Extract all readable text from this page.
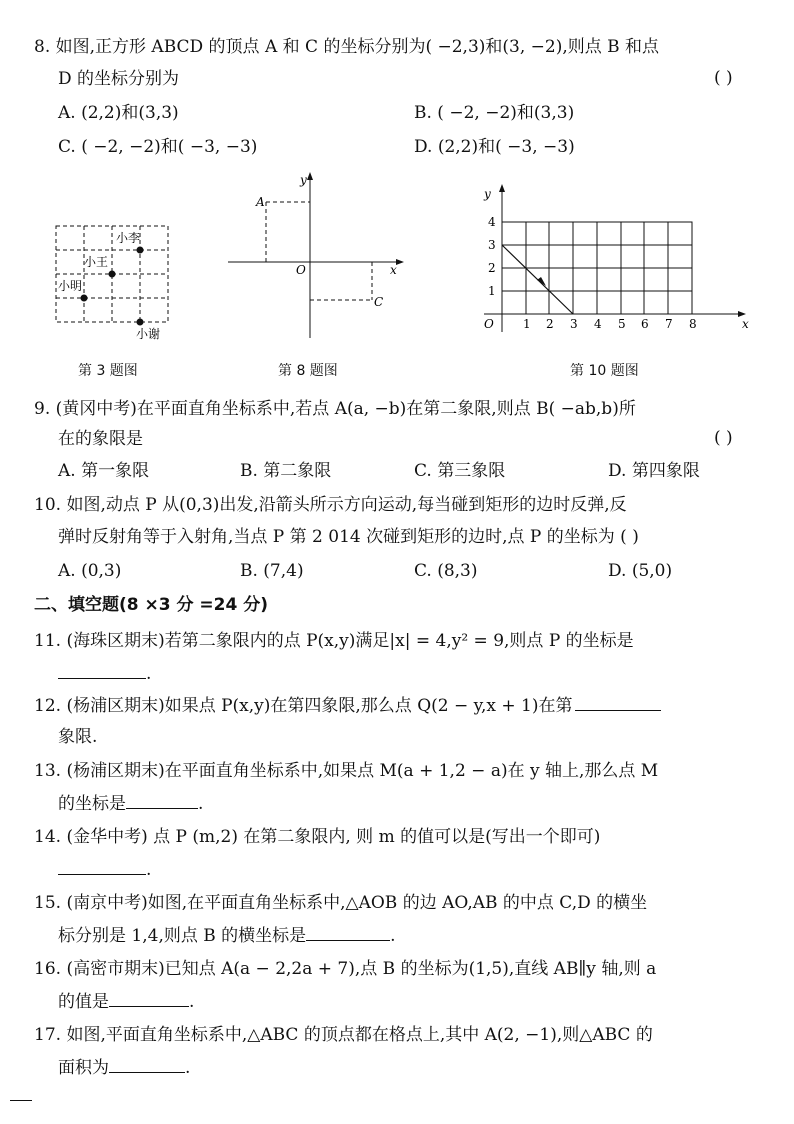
8. 如图,正方形 ABCD 的顶点 A 和 C 的坐标分别为( −2,3)和(3, −2),则点 B 和点
D 的坐标分别为	( )
A. (2,2)和(3,3)	B. ( −2, −2)和(3,3)
C. ( −2, −2)和( −3, −3)	D. (2,2)和( −3, −3)
小李
小王
小明
小谢
第 3 题图
y
x
O
A
C
第 8 题图
y
x
O 1 2 3 4 5 6 7 8
1
2
3
4
第 10 题图
9. (黄冈中考)在平面直角坐标系中,若点 A(a, −b)在第二象限,则点 B( −ab,b)所
在的象限是	( )
A. 第一象限	B. 第二象限	C. 第三象限	D. 第四象限
10. 如图,动点 P 从(0,3)出发,沿箭头所示方向运动,每当碰到矩形的边时反弹,反
弹时反射角等于入射角,当点 P 第 2 014 次碰到矩形的边时,点 P 的坐标为 ( )
A. (0,3)	B. (7,4)	C. (8,3)	D. (5,0)
二、填空题(8 ×3 分 =24 分)
11. (海珠区期末)若第二象限内的点 P(x,y)满足|x| = 4,y² = 9,则点 P 的坐标是
.
12. (杨浦区期末)如果点 P(x,y)在第四象限,那么点 Q(2 − y,x + 1)在第
象限.
13. (杨浦区期末)在平面直角坐标系中,如果点 M(a + 1,2 − a)在 y 轴上,那么点 M
的坐标是	.
14. (金华中考) 点 P (m,2) 在第二象限内, 则 m 的值可以是(写出一个即可)
.
15. (南京中考)如图,在平面直角坐标系中,△AOB 的边 AO,AB 的中点 C,D 的横坐
标分别是 1,4,则点 B 的横坐标是	.
16. (高密市期末)已知点 A(a − 2,2a + 7),点 B 的坐标为(1,5),直线 AB∥y 轴,则 a
的值是	.
17. 如图,平面直角坐标系中,△ABC 的顶点都在格点上,其中 A(2, −1),则△ABC 的
面积为	.
